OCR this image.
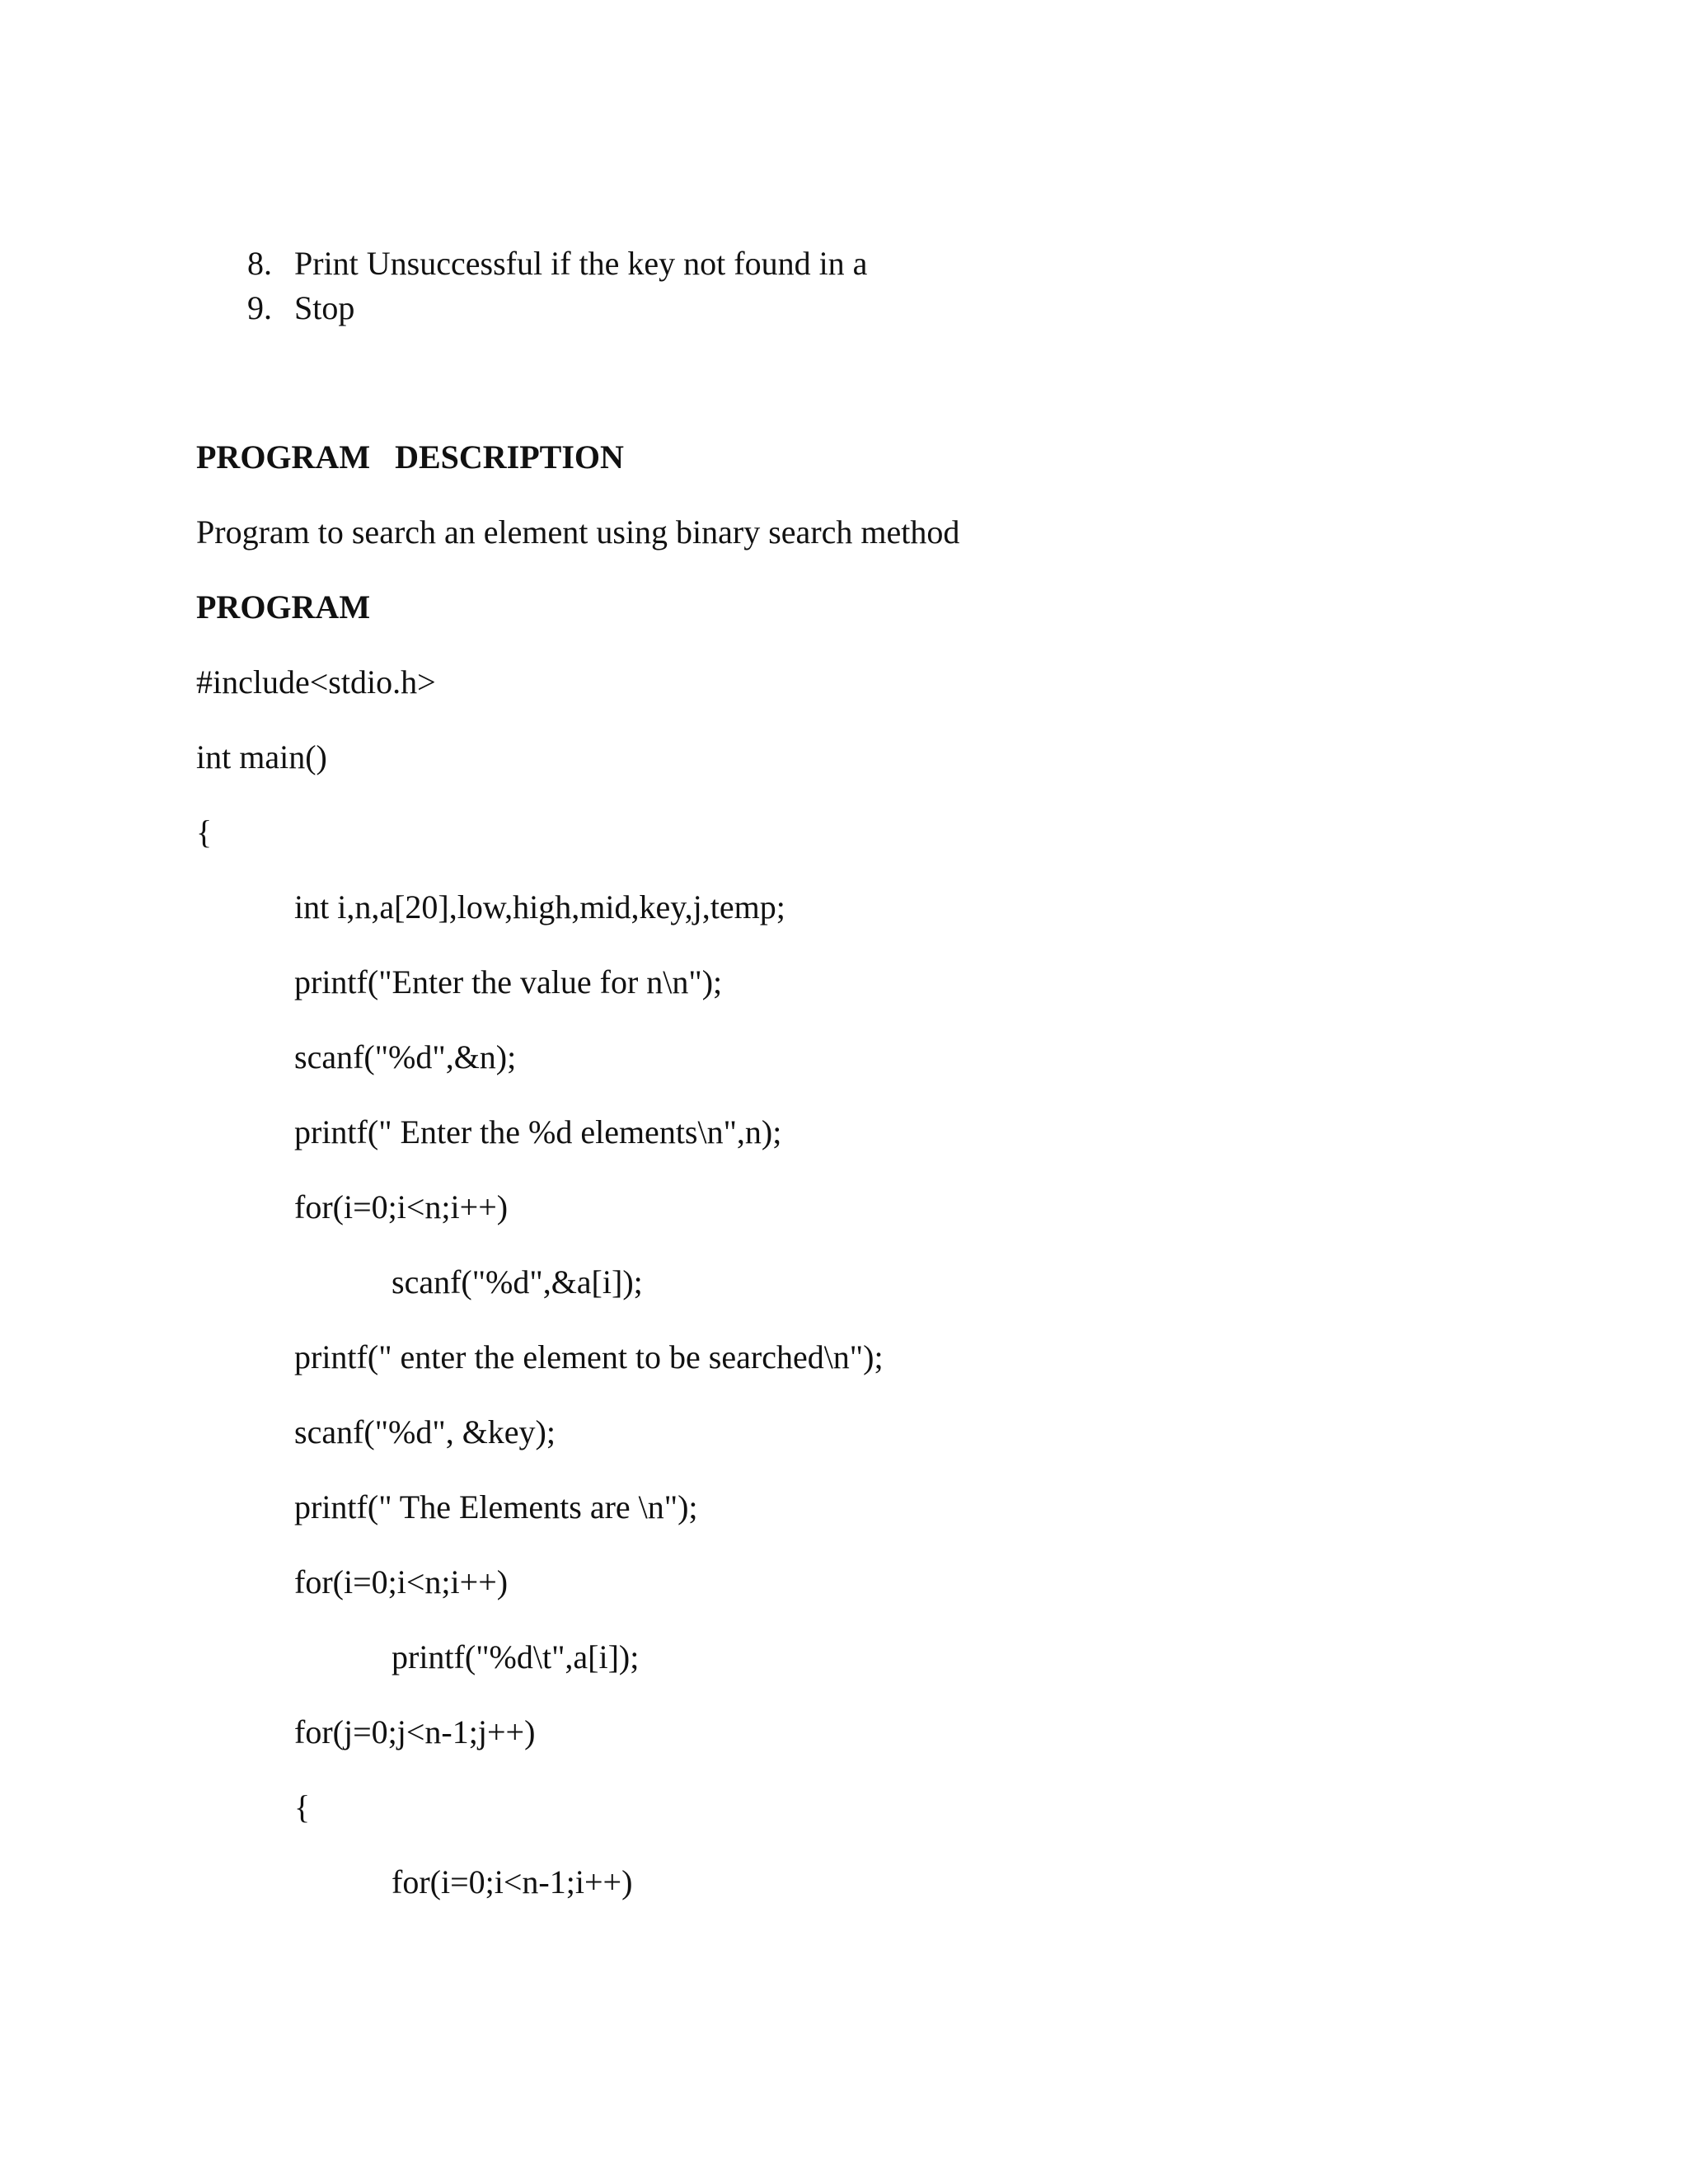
8. Print Unsuccessful if the key not found in a
9. Stop
PROGRAM   DESCRIPTION
Program to search an element using binary search method
PROGRAM
#include<stdio.h>
int main()
{
int i,n,a[20],low,high,mid,key,j,temp;
printf("Enter the value for n\n");
scanf("%d",&n);
printf(" Enter the %d elements\n",n);
for(i=0;i<n;i++)
scanf("%d",&a[i]);
printf(" enter the element to be searched\n");
scanf("%d", &key);
printf(" The Elements are \n");
for(i=0;i<n;i++)
printf("%d\t",a[i]);
for(j=0;j<n-1;j++)
{
for(i=0;i<n-1;i++)
